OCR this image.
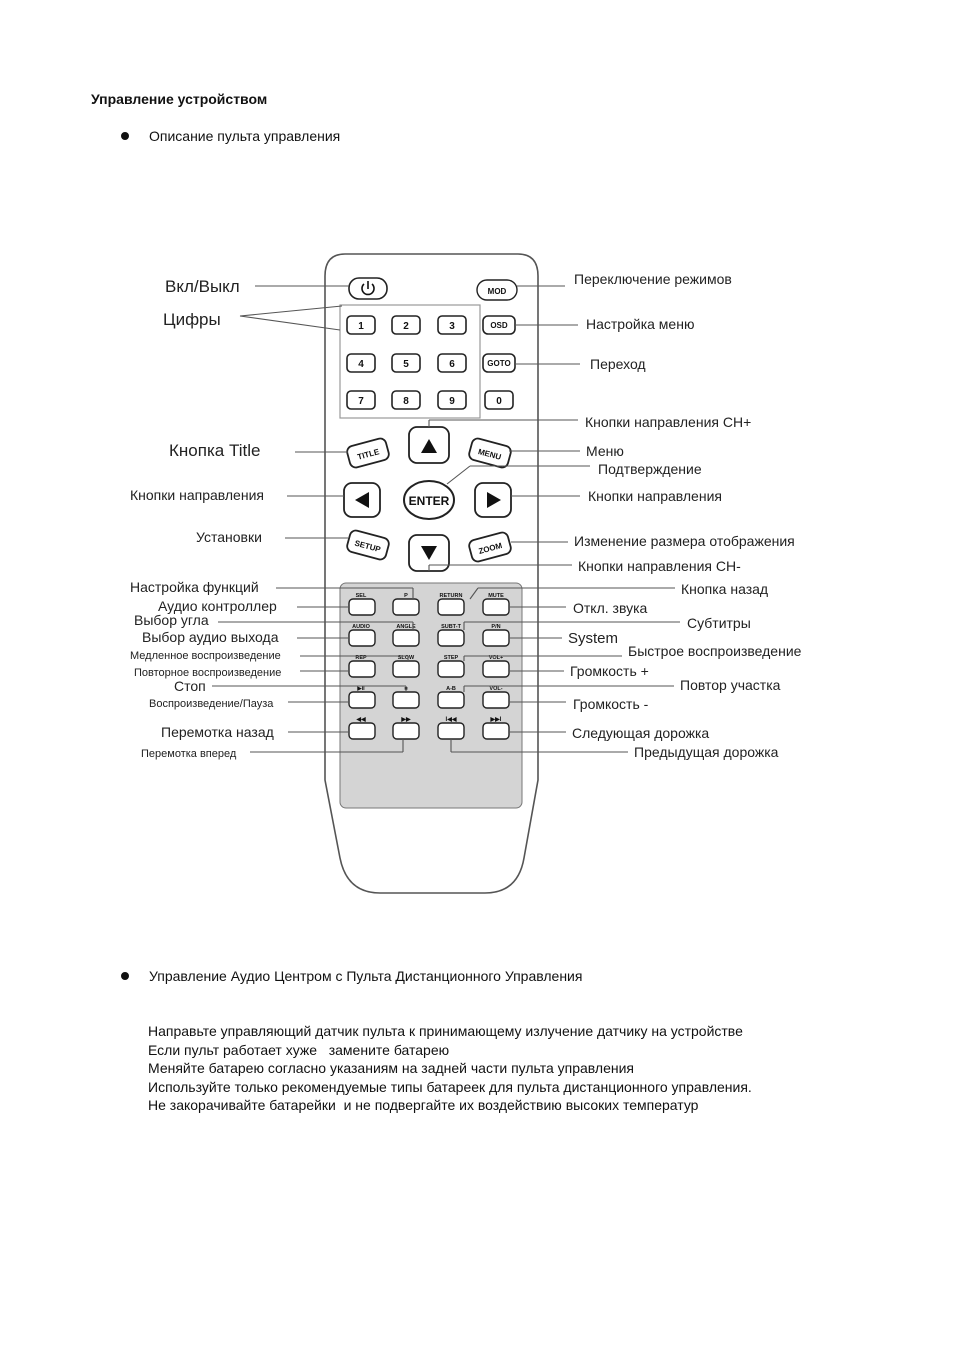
Управление устройством
Описание пульта управления
Управление Аудио Центром с Пульта Дистанционного Управления
Направьте управляющий датчик пульта к принимающему излучение датчику на устройстве
Если пульт работает хуже   замените батарею
Меняйте батарею согласно указаниям на задней части пульта управления
Используйте только рекомендуемые типы батареек для пульта дистанционного управления.
Не закорачивайте батарейки  и не подвергайте их воздействию высоких температур
MOD
OSD
GOTO
1	2	3
4	5	6
7	8	9	0
TITLE	MENU
ENTER
SETUP	ZOOM
SEL	P	RETURN	MUTE
AUDIO	ANGLE	SUBT-T	P/N
REP	SLOW	STEP	VOL+
▶II	■	A-B	VOL-
◀◀	▶▶	I◀◀	▶▶I
Вкл/Выкл
Цифры
Кнопка Title
Кнопки направления
Установки
Настройка функций
Аудио контроллер
Выбор угла
Выбор аудио выхода
Медленное воспроизведение
Повторное воспроизведение
Стоп
Воспроизведение/Пауза
Перемотка назад
Перемотка вперед
Переключение режимов
Настройка меню
Переход
Кнопки направления CH+
Меню
Подтверждение
Кнопки направления
Изменение размера отображения
Кнопки направления CH-
Кнопка назад
Откл. звука
Субтитры
System
Быстрое воспроизведение
Громкость +
Повтор участка
Громкость -
Следующая дорожка
Предыдущая дорожка
